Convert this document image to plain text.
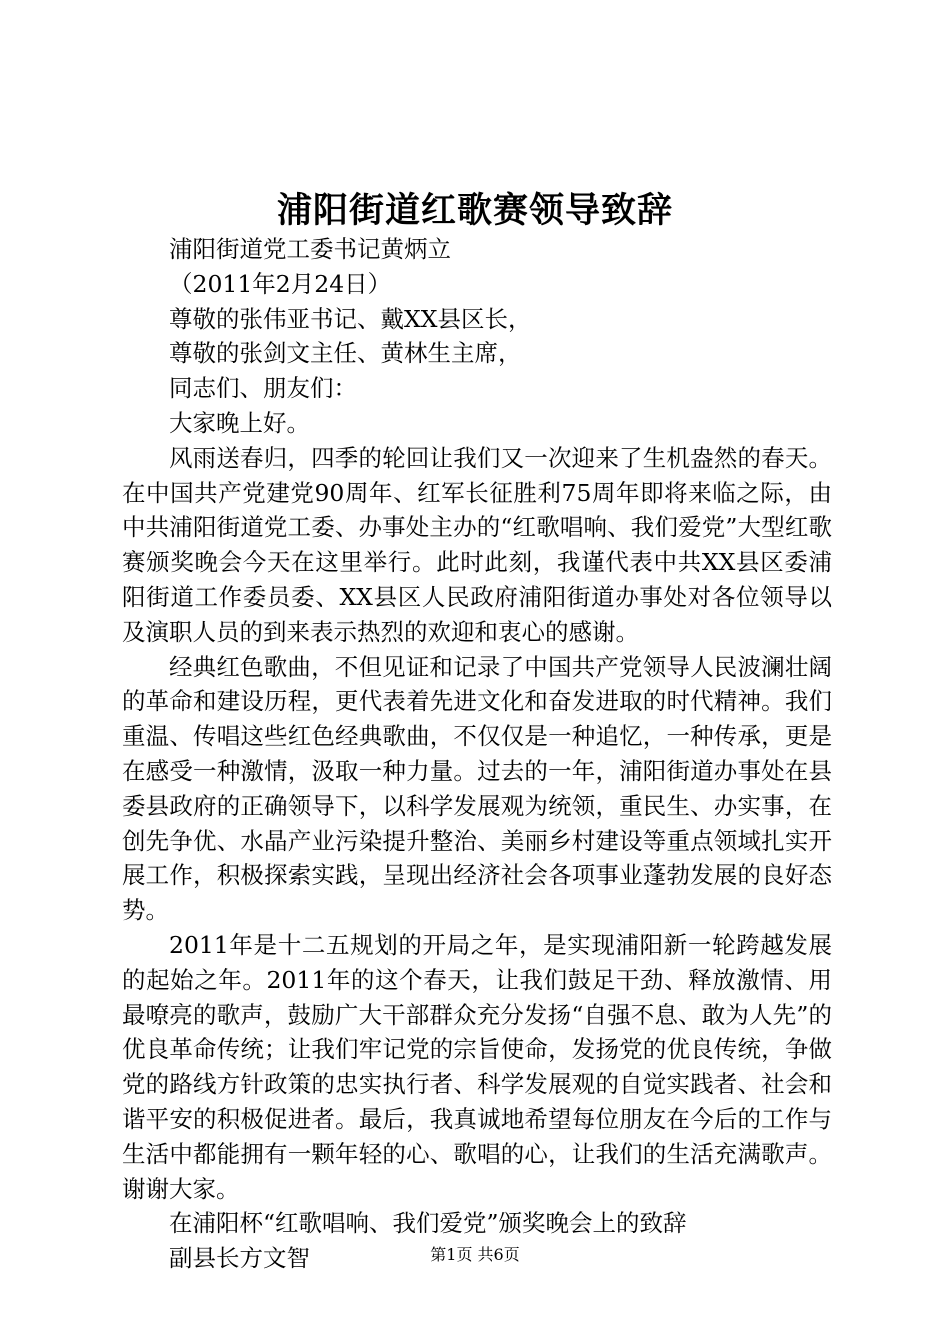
浦阳街道红歌赛领导致辞

浦阳街道党工委书记黄炳立

（2011年2月24日）

尊敬的张伟亚书记、戴XX县区长，

尊敬的张剑文主任、黄林生主席，

同志们、朋友们：

大家晚上好。

风雨送春归，四季的轮回让我们又一次迎来了生机盎然的春天。在中国共产党建党90周年、红军长征胜利75周年即将来临之际，由中共浦阳街道党工委、办事处主办的“红歌唱响、我们爱党”大型红歌赛颁奖晚会今天在这里举行。此时此刻，我谨代表中共XX县区委浦阳街道工作委员委、XX县区人民政府浦阳街道办事处对各位领导以及演职人员的到来表示热烈的欢迎和衷心的感谢。

经典红色歌曲，不但见证和记录了中国共产党领导人民波澜壮阔的革命和建设历程，更代表着先进文化和奋发进取的时代精神。我们重温、传唱这些红色经典歌曲，不仅仅是一种追忆，一种传承，更是在感受一种激情，汲取一种力量。过去的一年，浦阳街道办事处在县委县政府的正确领导下，以科学发展观为统领，重民生、办实事，在创先争优、水晶产业污染提升整治、美丽乡村建设等重点领域扎实开展工作，积极探索实践，呈现出经济社会各项事业蓬勃发展的良好态势。

2011年是十二五规划的开局之年，是实现浦阳新一轮跨越发展的起始之年。2011年的这个春天，让我们鼓足干劲、释放激情、用最嘹亮的歌声，鼓励广大干部群众充分发扬“自强不息、敢为人先”的优良革命传统；让我们牢记党的宗旨使命，发扬党的优良传统，争做党的路线方针政策的忠实执行者、科学发展观的自觉实践者、社会和谐平安的积极促进者。最后，我真诚地希望每位朋友在今后的工作与生活中都能拥有一颗年轻的心、歌唱的心，让我们的生活充满歌声。谢谢大家。

在浦阳杯“红歌唱响、我们爱党”颁奖晚会上的致辞

副县长方文智	第1页 共6页
